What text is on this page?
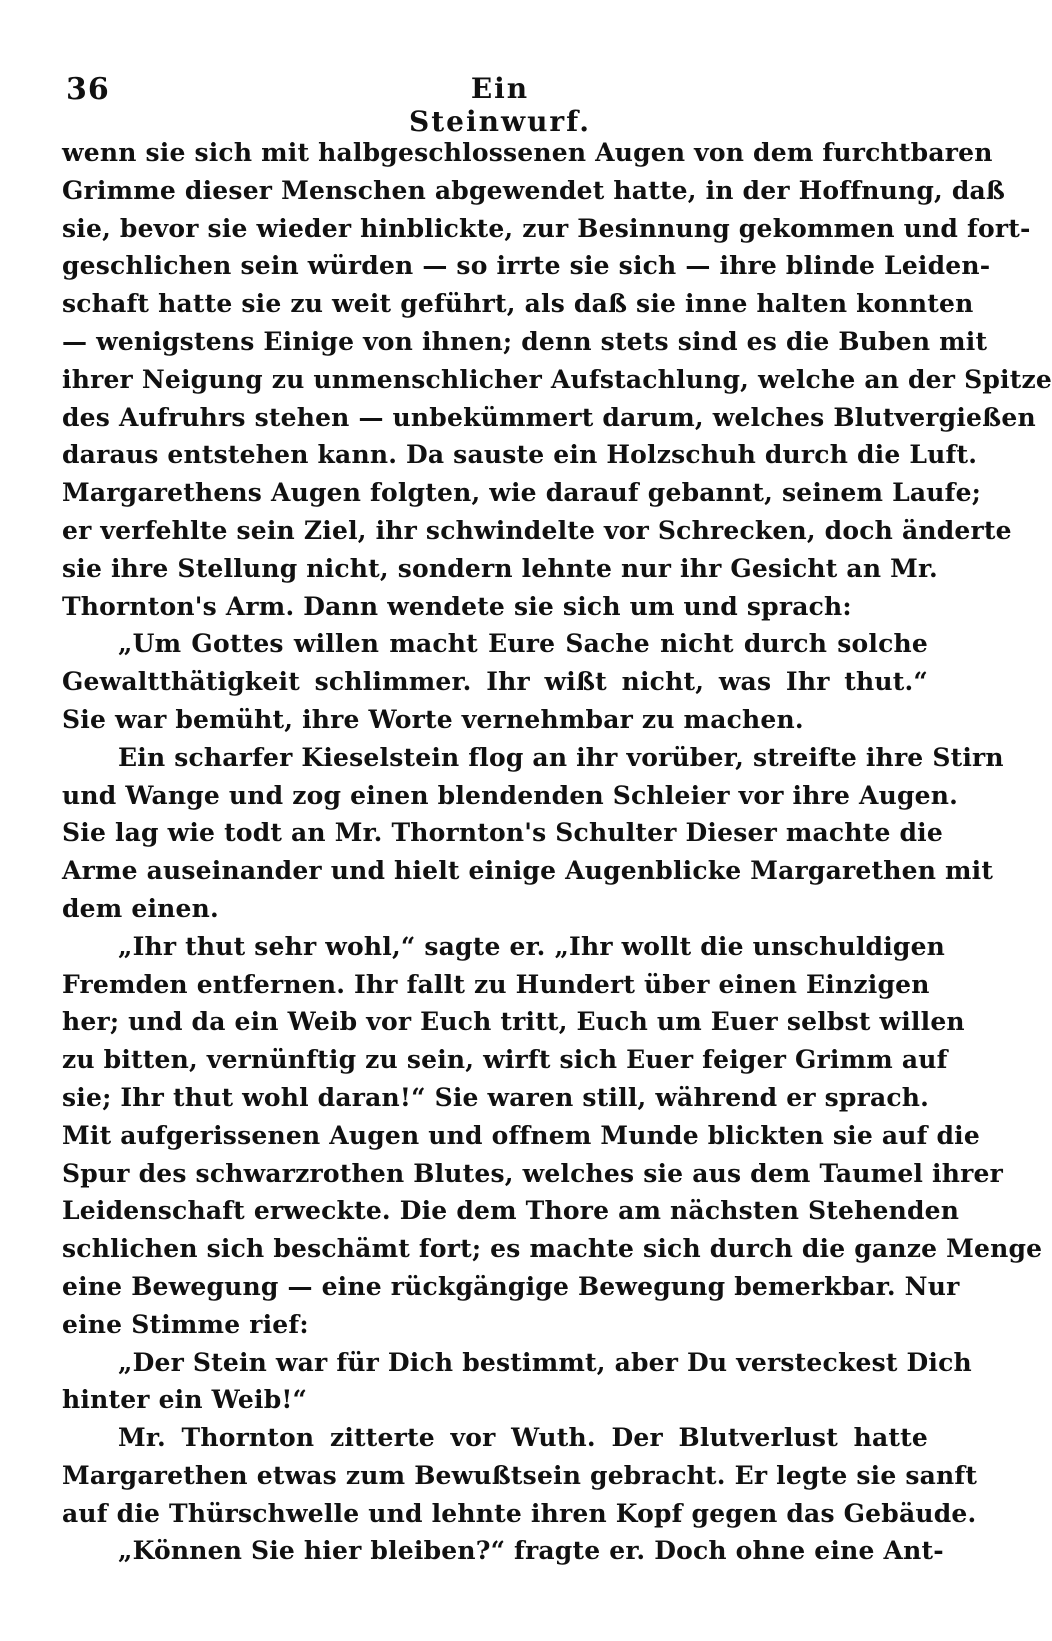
36	Ein Steinwurf.
wenn sie sich mit halbgeschlossenen Augen von dem furchtbaren
Grimme dieser Menschen abgewendet hatte, in der Hoffnung, daß
sie, bevor sie wieder hinblickte, zur Besinnung gekommen und fort-
geschlichen sein würden — so irrte sie sich — ihre blinde Leiden-
schaft hatte sie zu weit geführt, als daß sie inne halten konnten
— wenigstens Einige von ihnen; denn stets sind es die Buben mit
ihrer Neigung zu unmenschlicher Aufstachlung, welche an der Spitze
des Aufruhrs stehen — unbekümmert darum, welches Blutvergießen
daraus entstehen kann. Da sauste ein Holzschuh durch die Luft.
Margarethens Augen folgten, wie darauf gebannt, seinem Laufe;
er verfehlte sein Ziel, ihr schwindelte vor Schrecken, doch änderte
sie ihre Stellung nicht, sondern lehnte nur ihr Gesicht an Mr.
Thornton's Arm. Dann wendete sie sich um und sprach:
„Um Gottes willen macht Eure Sache nicht durch solche
Gewaltthätigkeit schlimmer. Ihr wißt nicht, was Ihr thut.“
Sie war bemüht, ihre Worte vernehmbar zu machen.
Ein scharfer Kieselstein flog an ihr vorüber, streifte ihre Stirn
und Wange und zog einen blendenden Schleier vor ihre Augen.
Sie lag wie todt an Mr. Thornton's Schulter Dieser machte die
Arme auseinander und hielt einige Augenblicke Margarethen mit
dem einen.
„Ihr thut sehr wohl,“ sagte er. „Ihr wollt die unschuldigen
Fremden entfernen. Ihr fallt zu Hundert über einen Einzigen
her; und da ein Weib vor Euch tritt, Euch um Euer selbst willen
zu bitten, vernünftig zu sein, wirft sich Euer feiger Grimm auf
sie; Ihr thut wohl daran!“ Sie waren still, während er sprach.
Mit aufgerissenen Augen und offnem Munde blickten sie auf die
Spur des schwarzrothen Blutes, welches sie aus dem Taumel ihrer
Leidenschaft erweckte. Die dem Thore am nächsten Stehenden
schlichen sich beschämt fort; es machte sich durch die ganze Menge
eine Bewegung — eine rückgängige Bewegung bemerkbar. Nur
eine Stimme rief:
„Der Stein war für Dich bestimmt, aber Du versteckest Dich
hinter ein Weib!“
Mr. Thornton zitterte vor Wuth. Der Blutverlust hatte
Margarethen etwas zum Bewußtsein gebracht. Er legte sie sanft
auf die Thürschwelle und lehnte ihren Kopf gegen das Gebäude.
„Können Sie hier bleiben?“ fragte er. Doch ohne eine Ant-
